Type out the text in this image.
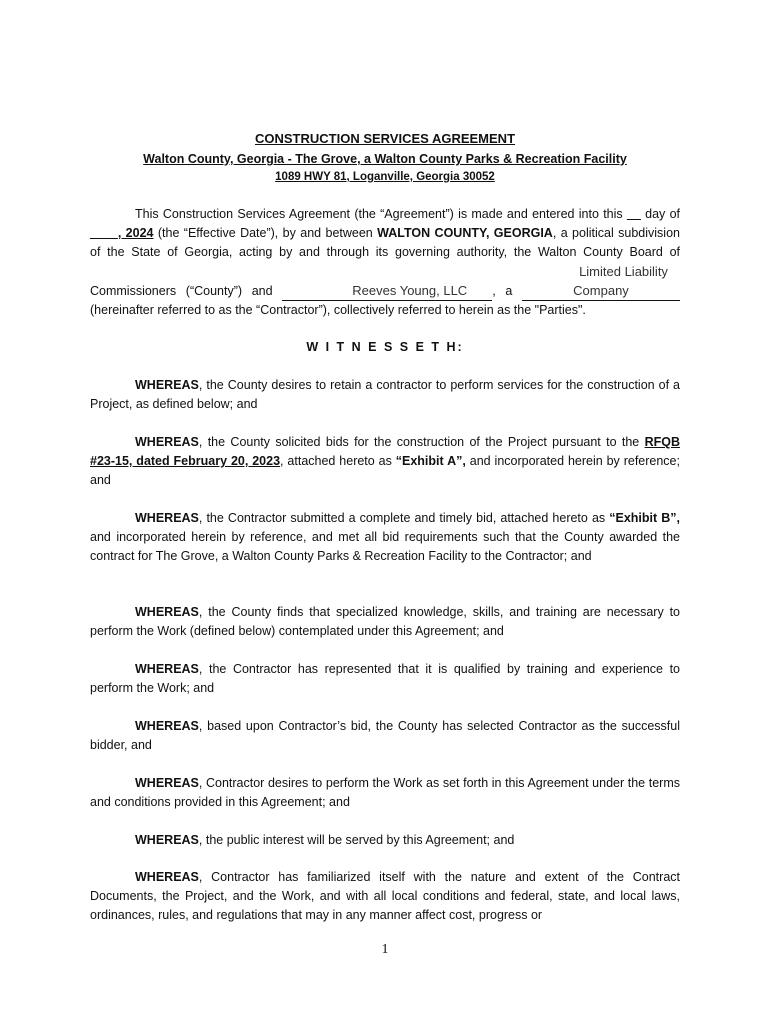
CONSTRUCTION SERVICES AGREEMENT
Walton County, Georgia - The Grove, a Walton County Parks & Recreation Facility
1089 HWY 81, Loganville, Georgia 30052

This Construction Services Agreement (the “Agreement”) is made and entered into this __ day of ____, 2024 (the “Effective Date”), by and between WALTON COUNTY, GEORGIA, a political subdivision of the State of Georgia, acting by and through its governing authority, the Walton County Board of Commissioners (“County”) and	Reeves Young, LLC , a Limited Liability Company (hereinafter referred to as the “Contractor”), collectively referred to herein as the "Parties".

W I T N E S S E T H:

WHEREAS, the County desires to retain a contractor to perform services for the construction of a Project, as defined below; and

WHEREAS, the County solicited bids for the construction of the Project pursuant to the RFQB #23-15, dated February 20, 2023, attached hereto as “Exhibit A”, and incorporated herein by reference; and

WHEREAS, the Contractor submitted a complete and timely bid, attached hereto as “Exhibit B”, and incorporated herein by reference, and met all bid requirements such that the County awarded the contract for The Grove, a Walton County Parks & Recreation Facility to the Contractor; and

WHEREAS, the County finds that specialized knowledge, skills, and training are necessary to perform the Work (defined below) contemplated under this Agreement; and

WHEREAS, the Contractor has represented that it is qualified by training and experience to perform the Work; and

WHEREAS, based upon Contractor’s bid, the County has selected Contractor as the successful bidder, and

WHEREAS, Contractor desires to perform the Work as set forth in this Agreement under the terms and conditions provided in this Agreement; and

WHEREAS, the public interest will be served by this Agreement; and

WHEREAS, Contractor has familiarized itself with the nature and extent of the Contract Documents, the Project, and the Work, and with all local conditions and federal, state, and local laws, ordinances, rules, and regulations that may in any manner affect cost, progress or

1
